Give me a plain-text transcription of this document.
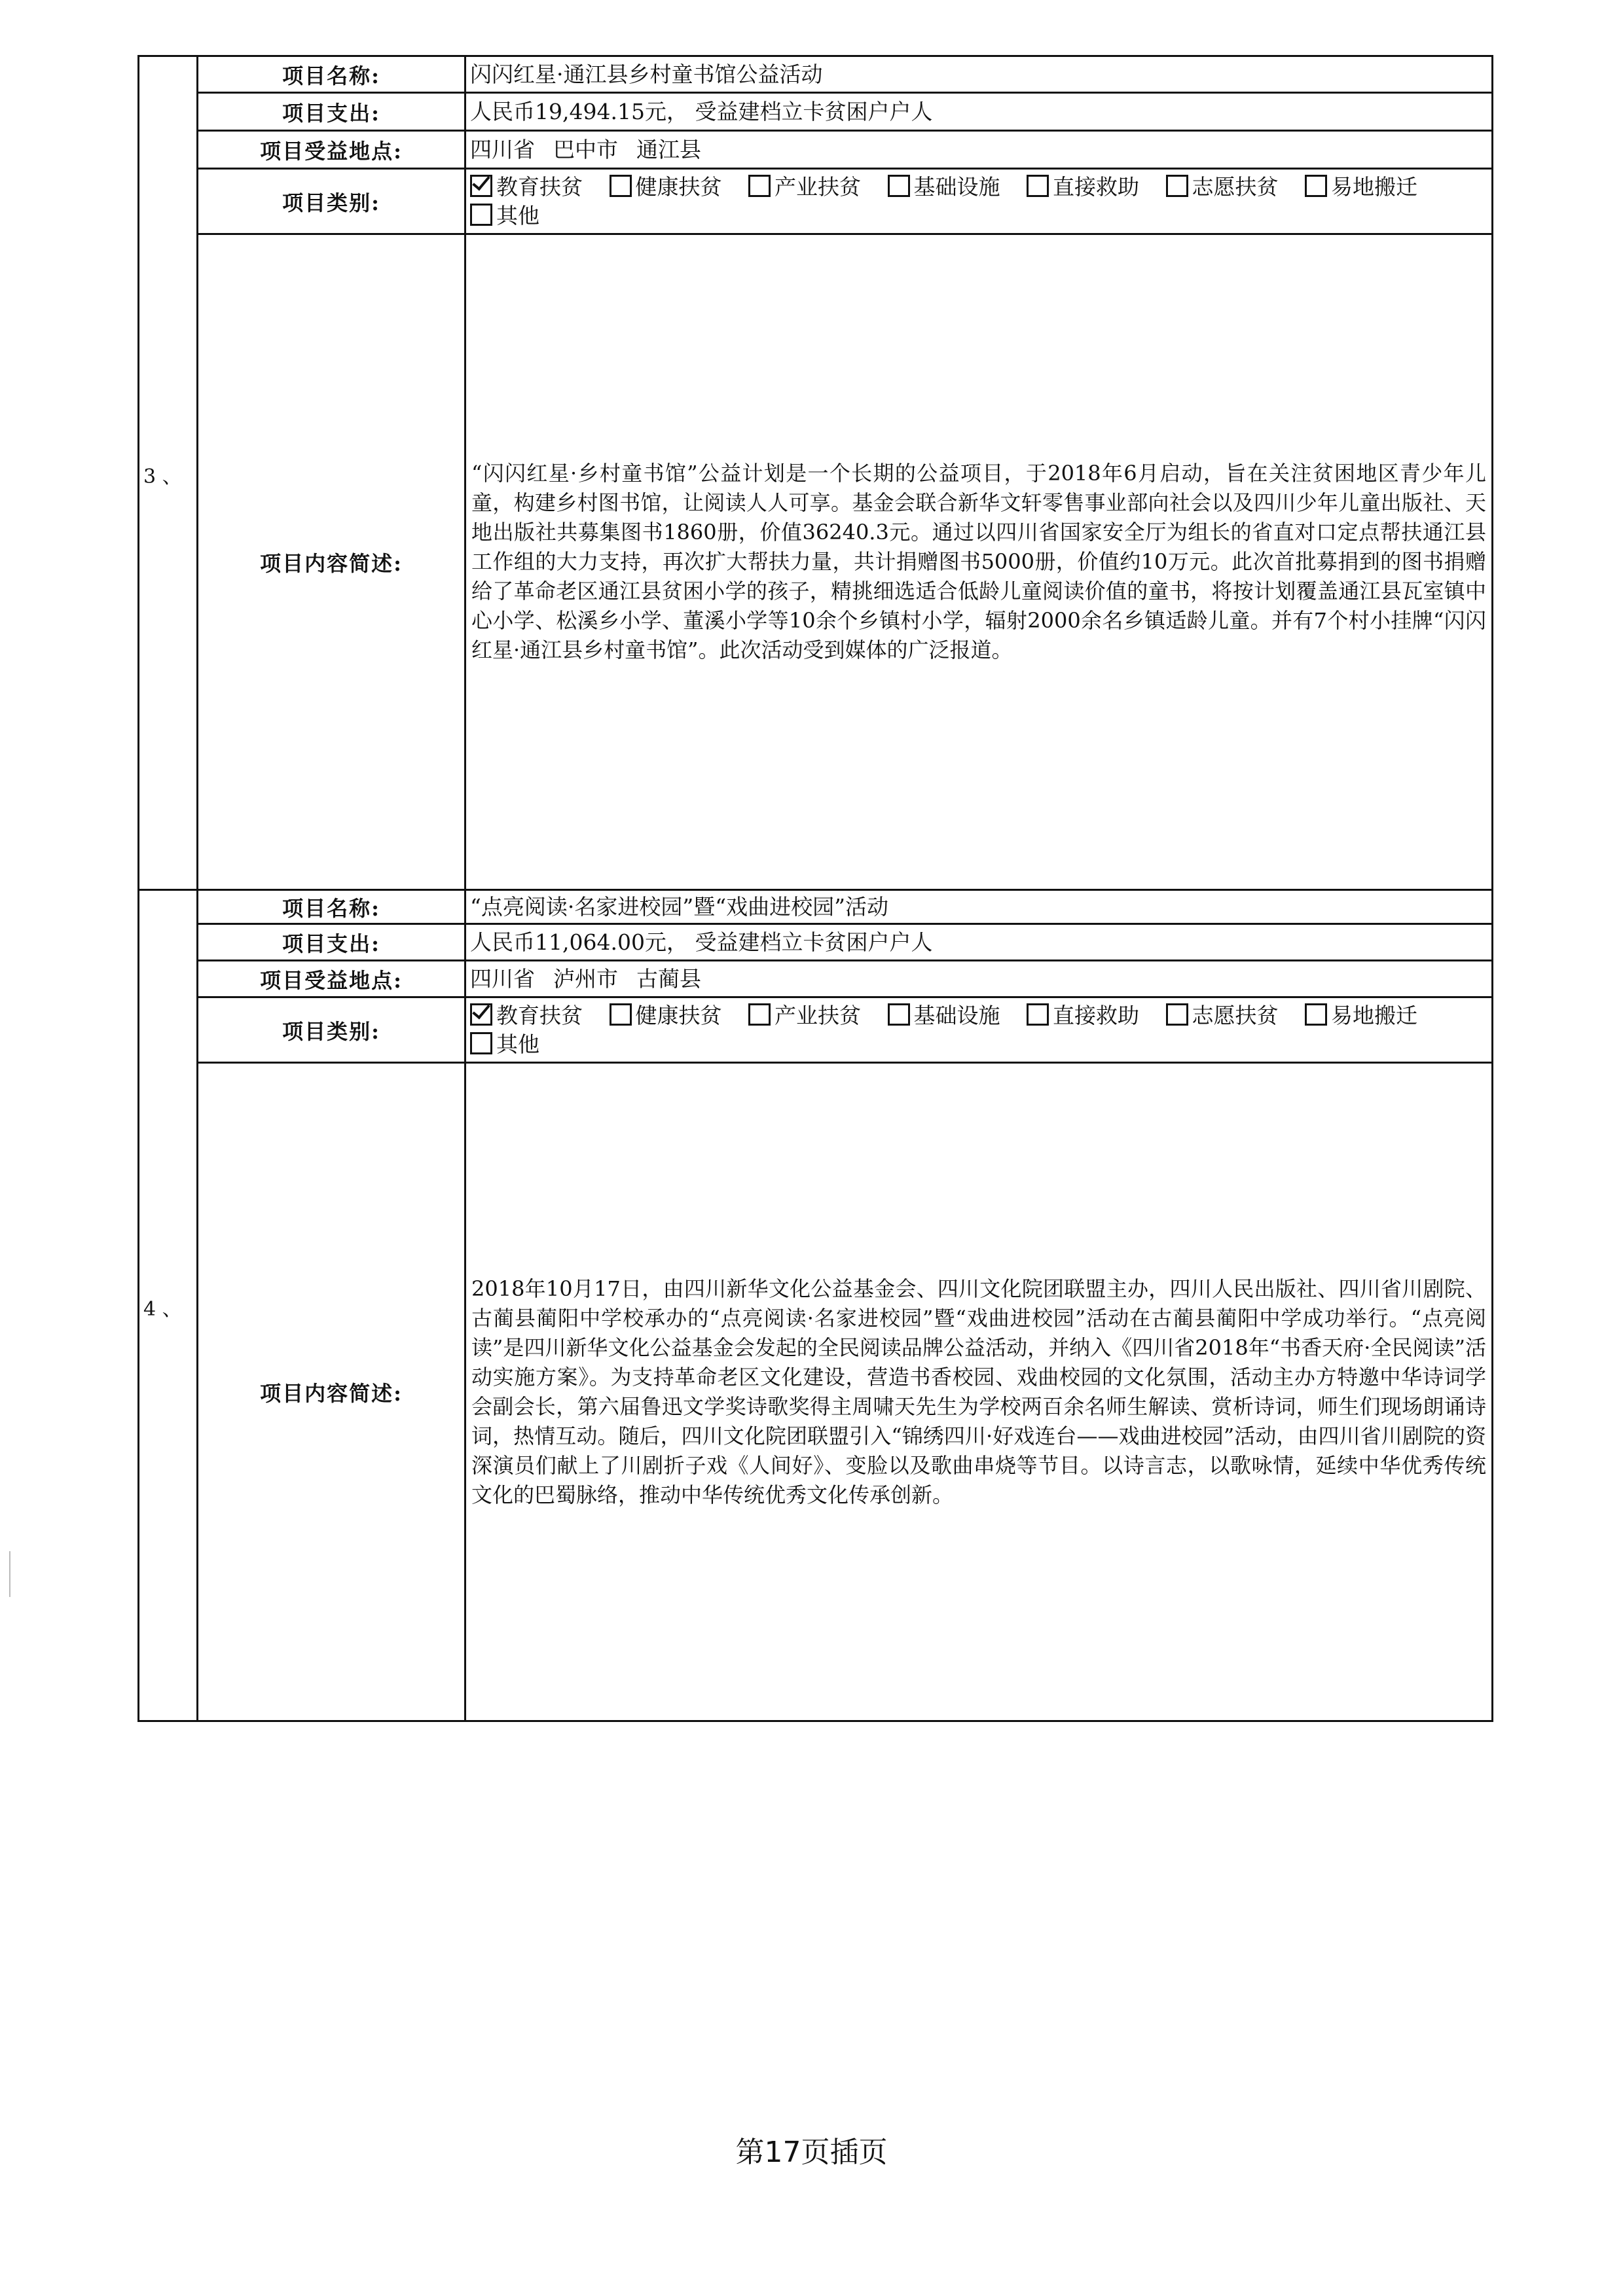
3 、	项目名称:	闪闪红星·通江县乡村童书馆公益活动
	项目支出:	人民币19,494.15元， 受益建档立卡贫困户户人
	项目受益地点:	四川省 巴中市 通江县
	项目类别:	教育扶贫 健康扶贫 产业扶贫 基础设施 直接救助 志愿扶贫 易地搬迁 其他
	项目内容简述:	“闪闪红星·乡村童书馆”公益计划是一个长期的公益项目，于2018年6月启动，旨在关注贫困地区青少年儿童，构建乡村图书馆，让阅读人人可享。基金会联合新华文轩零售事业部向社会以及四川少年儿童出版社、天地出版社共募集图书1860册，价值36240.3元。通过以四川省国家安全厅为组长的省直对口定点帮扶通江县工作组的大力支持，再次扩大帮扶力量，共计捐赠图书5000册，价值约10万元。此次首批募捐到的图书捐赠给了革命老区通江县贫困小学的孩子，精挑细选适合低龄儿童阅读价值的童书，将按计划覆盖通江县瓦室镇中心小学、松溪乡小学、董溪小学等10余个乡镇村小学，辐射2000余名乡镇适龄儿童。并有7个村小挂牌“闪闪红星·通江县乡村童书馆”。此次活动受到媒体的广泛报道。
4 、	项目名称:	“点亮阅读·名家进校园”暨“戏曲进校园”活动
	项目支出:	人民币11,064.00元， 受益建档立卡贫困户户人
	项目受益地点:	四川省 泸州市 古蔺县
	项目类别:	教育扶贫 健康扶贫 产业扶贫 基础设施 直接救助 志愿扶贫 易地搬迁 其他
	项目内容简述:	2018年10月17日，由四川新华文化公益基金会、四川文化院团联盟主办，四川人民出版社、四川省川剧院、古蔺县蔺阳中学校承办的“点亮阅读·名家进校园”暨“戏曲进校园”活动在古蔺县蔺阳中学成功举行。“点亮阅读”是四川新华文化公益基金会发起的全民阅读品牌公益活动，并纳入《四川省2018年“书香天府·全民阅读”活动实施方案》。为支持革命老区文化建设，营造书香校园、戏曲校园的文化氛围，活动主办方特邀中华诗词学会副会长，第六届鲁迅文学奖诗歌奖得主周啸天先生为学校两百余名师生解读、赏析诗词，师生们现场朗诵诗词，热情互动。随后，四川文化院团联盟引入“锦绣四川·好戏连台——戏曲进校园”活动，由四川省川剧院的资深演员们献上了川剧折子戏《人间好》、变脸以及歌曲串烧等节目。以诗言志，以歌咏情，延续中华优秀传统文化的巴蜀脉络，推动中华传统优秀文化传承创新。
第17页插页
